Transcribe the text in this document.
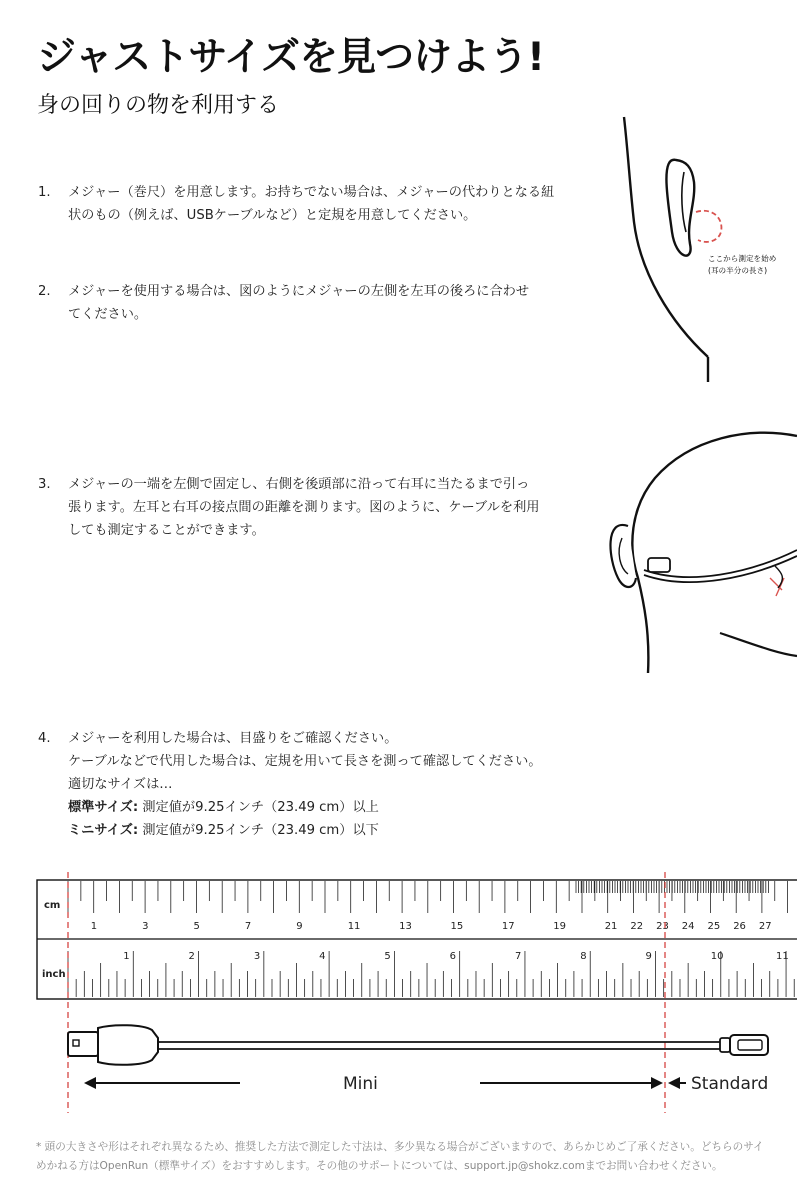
ジャストサイズを見つけよう!
身の回りの物を利用する
1. メジャー（巻尺）を用意します。お持ちでない場合は、メジャーの代わりとなる紐
状のもの（例えば、USBケーブルなど）と定規を用意してください。
2. メジャーを使用する場合は、図のようにメジャーの左側を左耳の後ろに合わせ
てください。
3. メジャーの一端を左側で固定し、右側を後頭部に沿って右耳に当たるまで引っ
張ります。左耳と右耳の接点間の距離を測ります。図のように、ケーブルを利用
しても測定することができます。
4. メジャーを利用した場合は、目盛りをご確認ください。
ケーブルなどで代用した場合は、定規を用いて長さを測って確認してください。
適切なサイズは…
標準サイズ: 測定値が9.25インチ（23.49 cm）以上
ミニサイズ: 測定値が9.25インチ（23.49 cm）以下
ここから測定を始め
(耳の半分の長さ)
cm
inch
1	3	5	7	9	11	13	15	17	19	21 22 23 24 25 26 27
1	2	3	4	5	6	7	8	9	10	11
Mini	Standard
* 頭の大きさや形はそれぞれ異なるため、推奨した方法で測定した寸法は、多少異なる場合がございますので、あらかじめご了承ください。どちらのサイ
めかねる方はOpenRun（標準サイズ）をおすすめします。その他のサポートについては、support.jp@shokz.comまでお問い合わせください。
